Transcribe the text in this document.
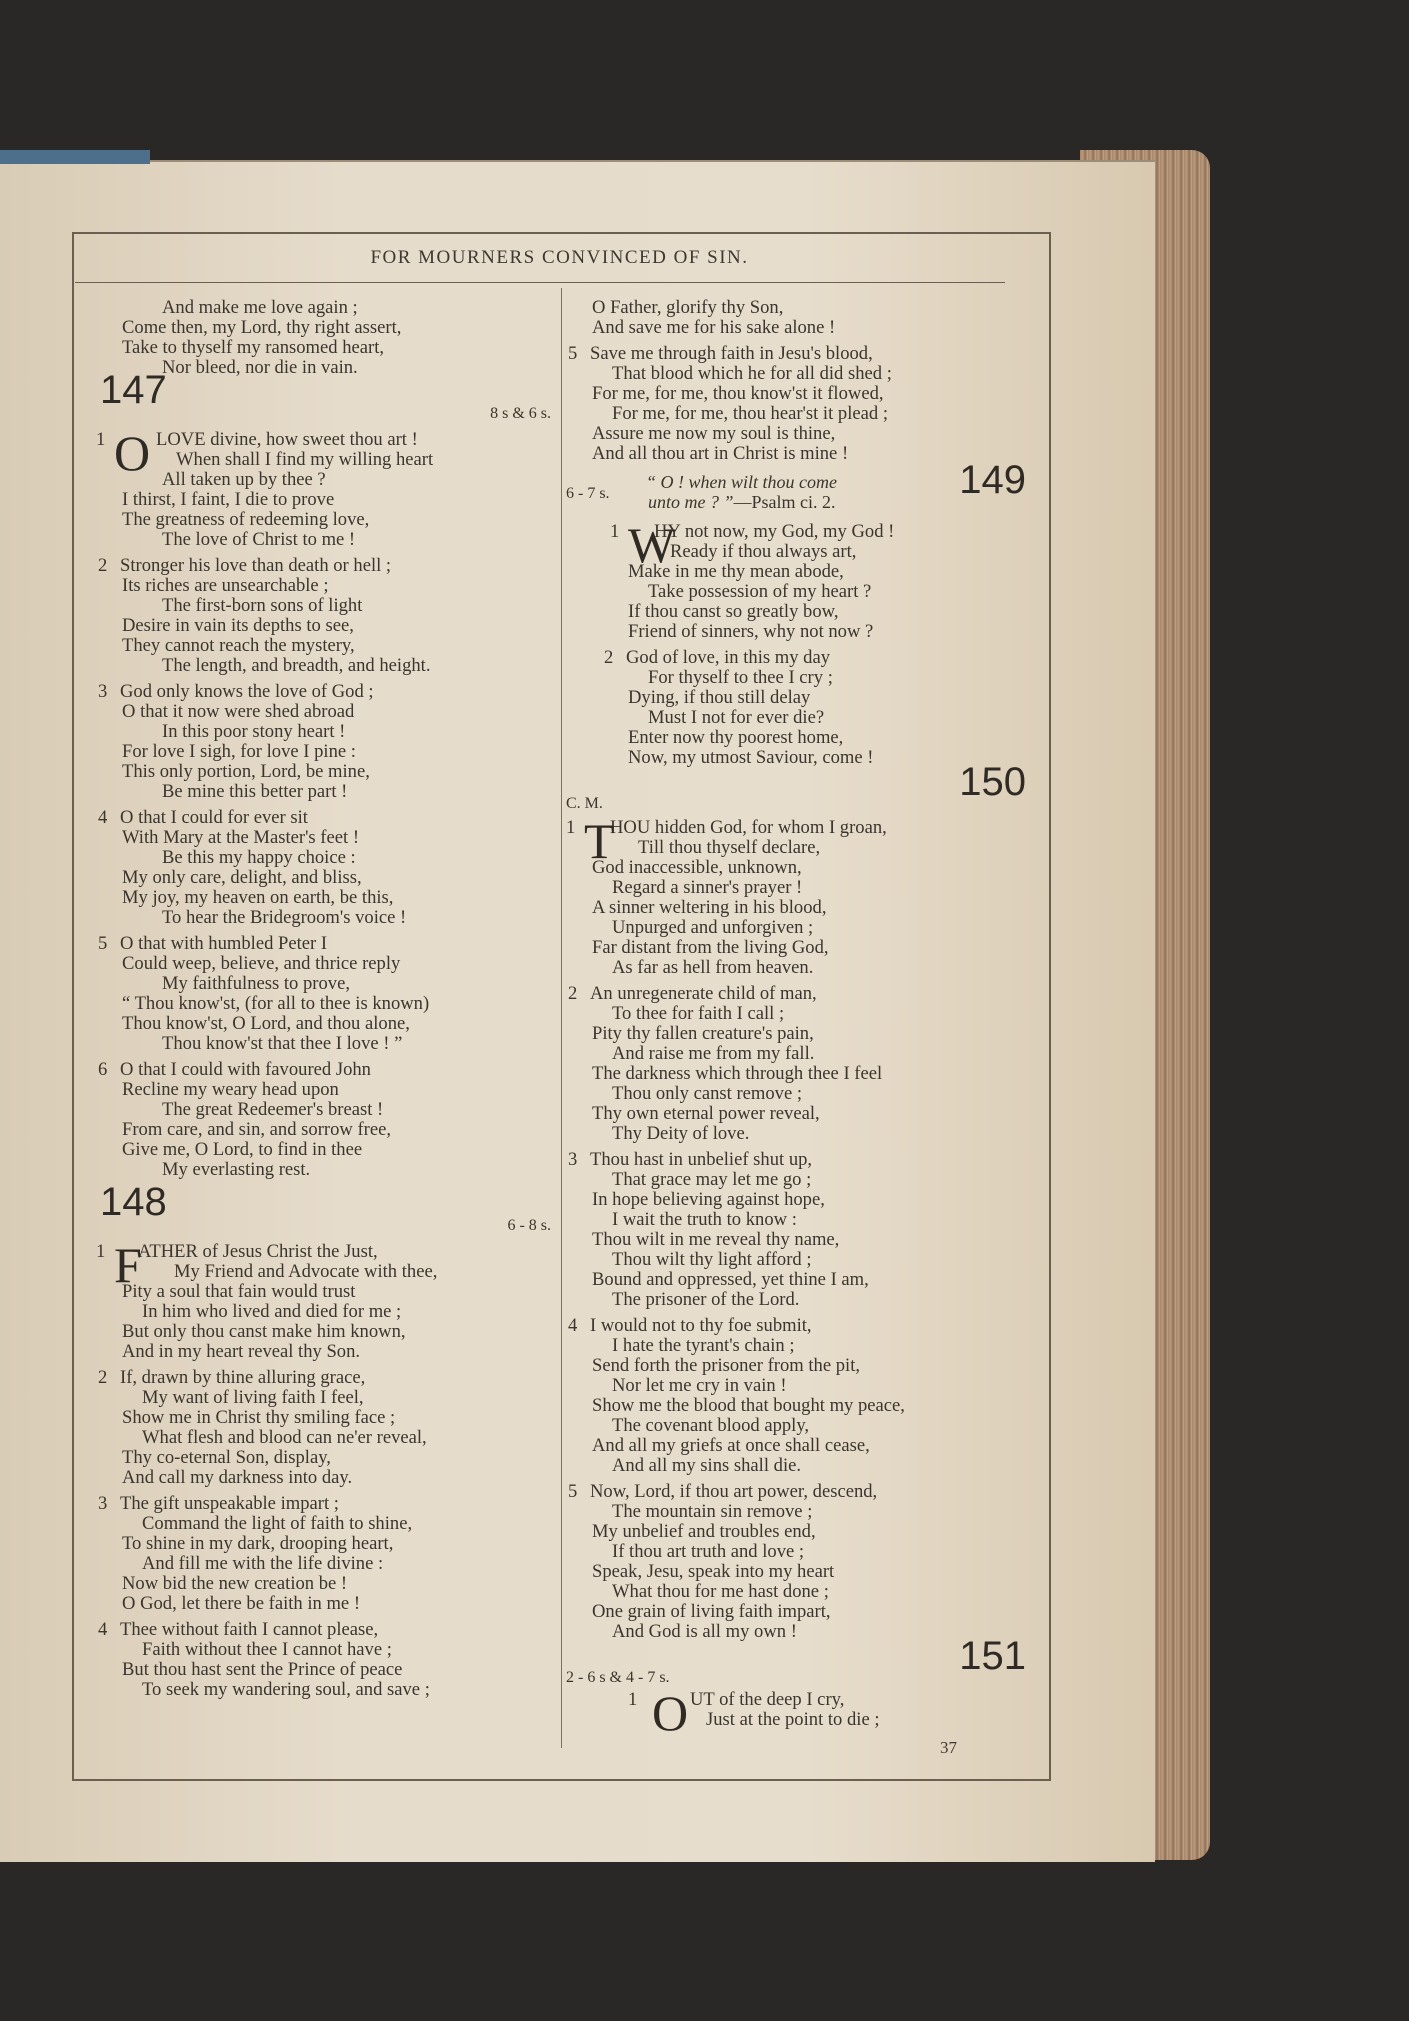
FOR MOURNERS CONVINCED OF SIN.
And make me love again ;
Come then, my Lord, thy right assert,
Take to thyself my ransomed heart,
Nor bleed, nor die in vain.
147
8 s & 6 s.
1 O LOVE divine, how sweet thou art !
When shall I find my willing heart
All taken up by thee ?
I thirst, I faint, I die to prove
The greatness of redeeming love,
The love of Christ to me !
2 Stronger his love than death or hell ;
Its riches are unsearchable ;
The first-born sons of light
Desire in vain its depths to see,
They cannot reach the mystery,
The length, and breadth, and height.
3 God only knows the love of God ;
O that it now were shed abroad
In this poor stony heart !
For love I sigh, for love I pine :
This only portion, Lord, be mine,
Be mine this better part !
4 O that I could for ever sit
With Mary at the Master's feet !
Be this my happy choice :
My only care, delight, and bliss,
My joy, my heaven on earth, be this,
To hear the Bridegroom's voice !
5 O that with humbled Peter I
Could weep, believe, and thrice reply
My faithfulness to prove,
“ Thou know'st, (for all to thee is known)
Thou know'st, O Lord, and thou alone,
Thou know'st that thee I love ! ”
6 O that I could with favoured John
Recline my weary head upon
The great Redeemer's breast !
From care, and sin, and sorrow free,
Give me, O Lord, to find in thee
My everlasting rest.
148
6 - 8 s.
1 F
ATHER of Jesus Christ the Just,
My Friend and Advocate with thee,
Pity a soul that fain would trust
In him who lived and died for me ;
But only thou canst make him known,
And in my heart reveal thy Son.
2 If, drawn by thine alluring grace,
My want of living faith I feel,
Show me in Christ thy smiling face ;
What flesh and blood can ne'er reveal,
Thy co-eternal Son, display,
And call my darkness into day.
3 The gift unspeakable impart ;
Command the light of faith to shine,
To shine in my dark, drooping heart,
And fill me with the life divine :
Now bid the new creation be !
O God, let there be faith in me !
4 Thee without faith I cannot please,
Faith without thee I cannot have ;
But thou hast sent the Prince of peace
To seek my wandering soul, and save ;
O Father, glorify thy Son,
And save me for his sake alone !
5 Save me through faith in Jesu's blood,
That blood which he for all did shed ;
For me, for me, thou know'st it flowed,
For me, for me, thou hear'st it plead ;
Assure me now my soul is thine,
And all thou art in Christ is mine !
6 - 7 s.
“ O ! when wilt thou come
unto me ? ”—Psalm ci. 2.	149
1 W
HY not now, my God, my God !
Ready if thou always art,
Make in me thy mean abode,
Take possession of my heart ?
If thou canst so greatly bow,
Friend of sinners, why not now ?
2 God of love, in this my day
For thyself to thee I cry ;
Dying, if thou still delay
Must I not for ever die?
Enter now thy poorest home,
Now, my utmost Saviour, come !
C. M.	150
1 T
HOU hidden God, for whom I groan,
Till thou thyself declare,
God inaccessible, unknown,
Regard a sinner's prayer !
A sinner weltering in his blood,
Unpurged and unforgiven ;
Far distant from the living God,
As far as hell from heaven.
2 An unregenerate child of man,
To thee for faith I call ;
Pity thy fallen creature's pain,
And raise me from my fall.
The darkness which through thee I feel
Thou only canst remove ;
Thy own eternal power reveal,
Thy Deity of love.
3 Thou hast in unbelief shut up,
That grace may let me go ;
In hope believing against hope,
I wait the truth to know :
Thou wilt in me reveal thy name,
Thou wilt thy light afford ;
Bound and oppressed, yet thine I am,
The prisoner of the Lord.
4 I would not to thy foe submit,
I hate the tyrant's chain ;
Send forth the prisoner from the pit,
Nor let me cry in vain !
Show me the blood that bought my peace,
The covenant blood apply,
And all my griefs at once shall cease,
And all my sins shall die.
5 Now, Lord, if thou art power, descend,
The mountain sin remove ;
My unbelief and troubles end,
If thou art truth and love ;
Speak, Jesu, speak into my heart
What thou for me hast done ;
One grain of living faith impart,
And God is all my own !
2 - 6 s & 4 - 7 s.	151
1 O UT of the deep I cry,
Just at the point to die ;
37
